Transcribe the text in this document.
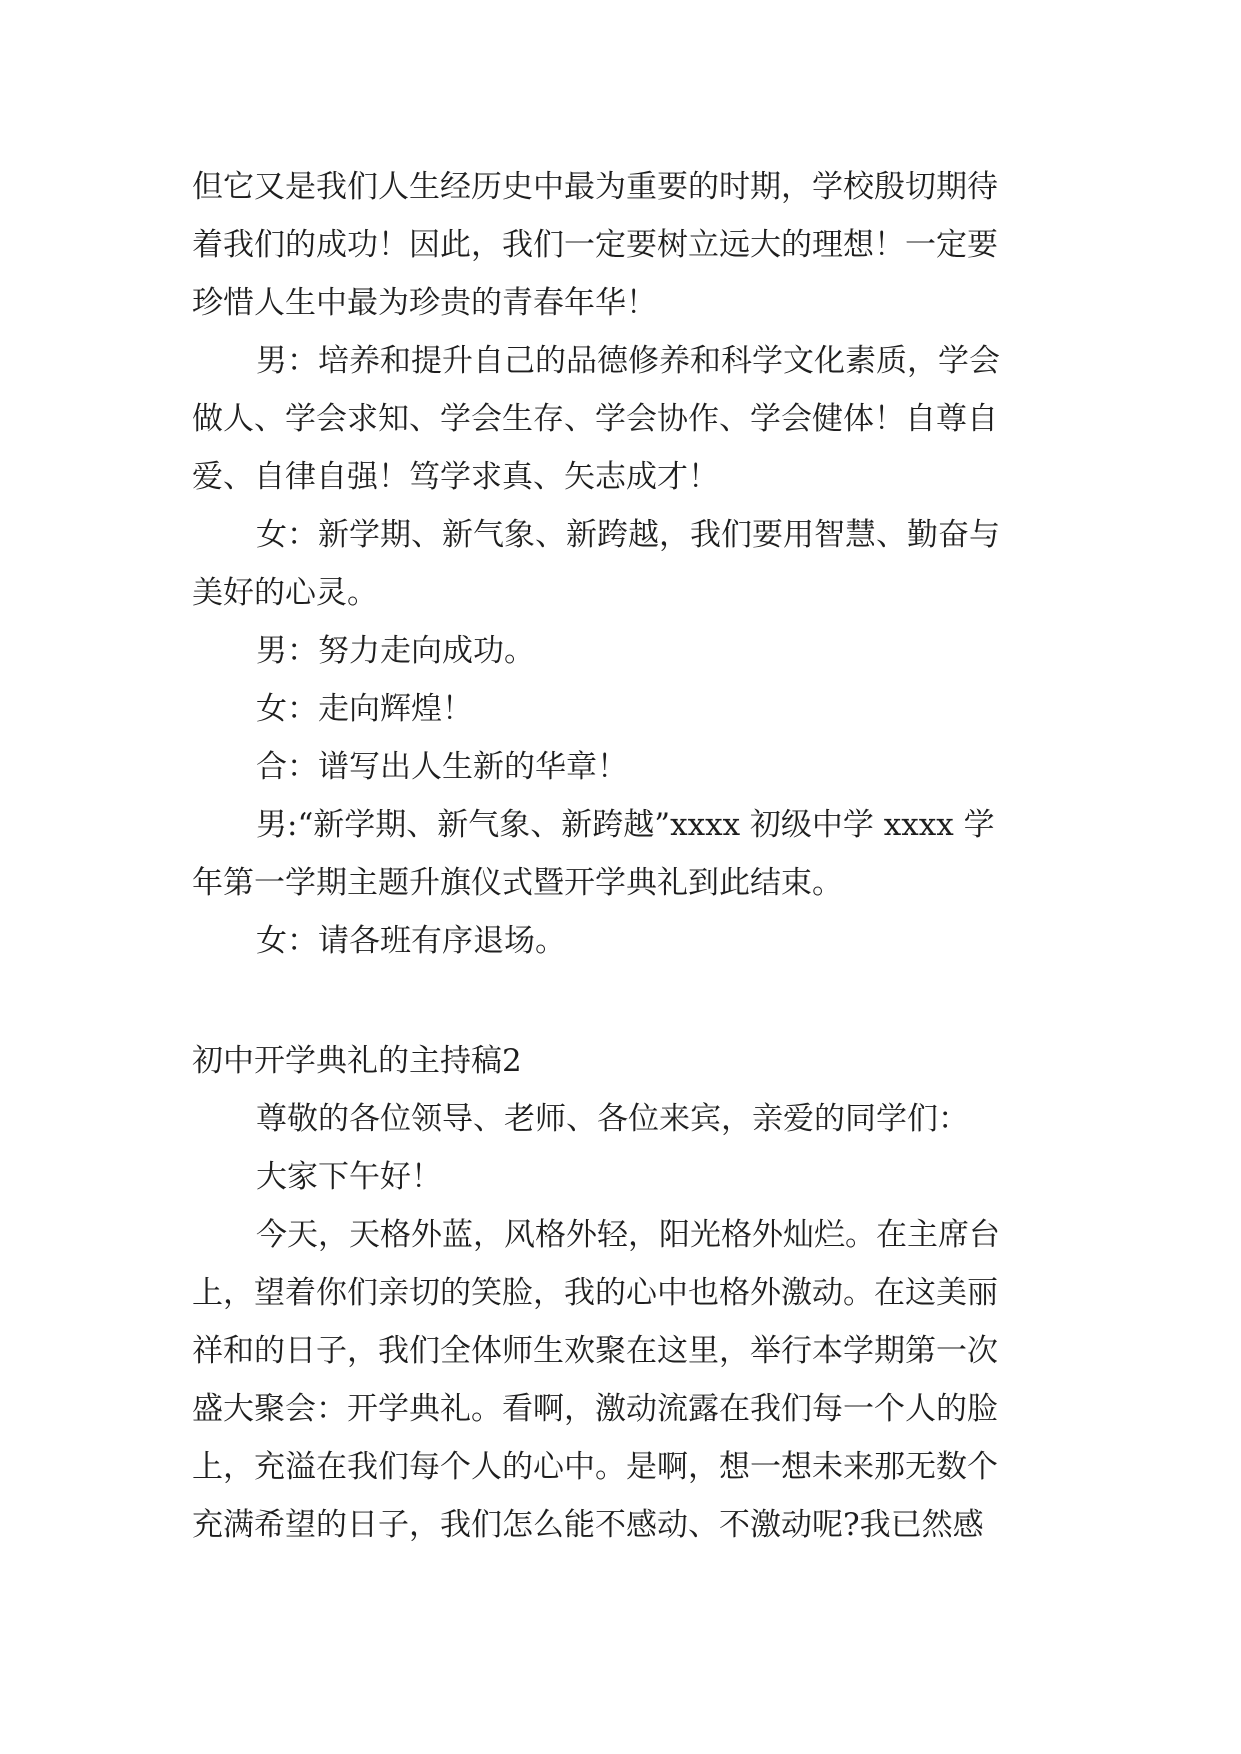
但它又是我们人生经历史中最为重要的时期，学校殷切期待

着我们的成功！因此，我们一定要树立远大的理想！一定要

珍惜人生中最为珍贵的青春年华！

男：培养和提升自己的品德修养和科学文化素质，学会

做人、学会求知、学会生存、学会协作、学会健体！自尊自

爱、自律自强！笃学求真、矢志成才！

女：新学期、新气象、新跨越，我们要用智慧、勤奋与

美好的心灵。

男：努力走向成功。

女：走向辉煌！

合：谱写出人生新的华章！

男:“新学期、新气象、新跨越”xxxx 初级中学 xxxx 学

年第一学期主题升旗仪式暨开学典礼到此结束。

女：请各班有序退场。

初中开学典礼的主持稿2

尊敬的各位领导、老师、各位来宾，亲爱的同学们：

大家下午好！

今天，天格外蓝，风格外轻，阳光格外灿烂。在主席台

上，望着你们亲切的笑脸，我的心中也格外激动。在这美丽

祥和的日子，我们全体师生欢聚在这里，举行本学期第一次

盛大聚会：开学典礼。看啊，激动流露在我们每一个人的脸

上，充溢在我们每个人的心中。是啊，想一想未来那无数个

充满希望的日子，我们怎么能不感动、不激动呢?我已然感
